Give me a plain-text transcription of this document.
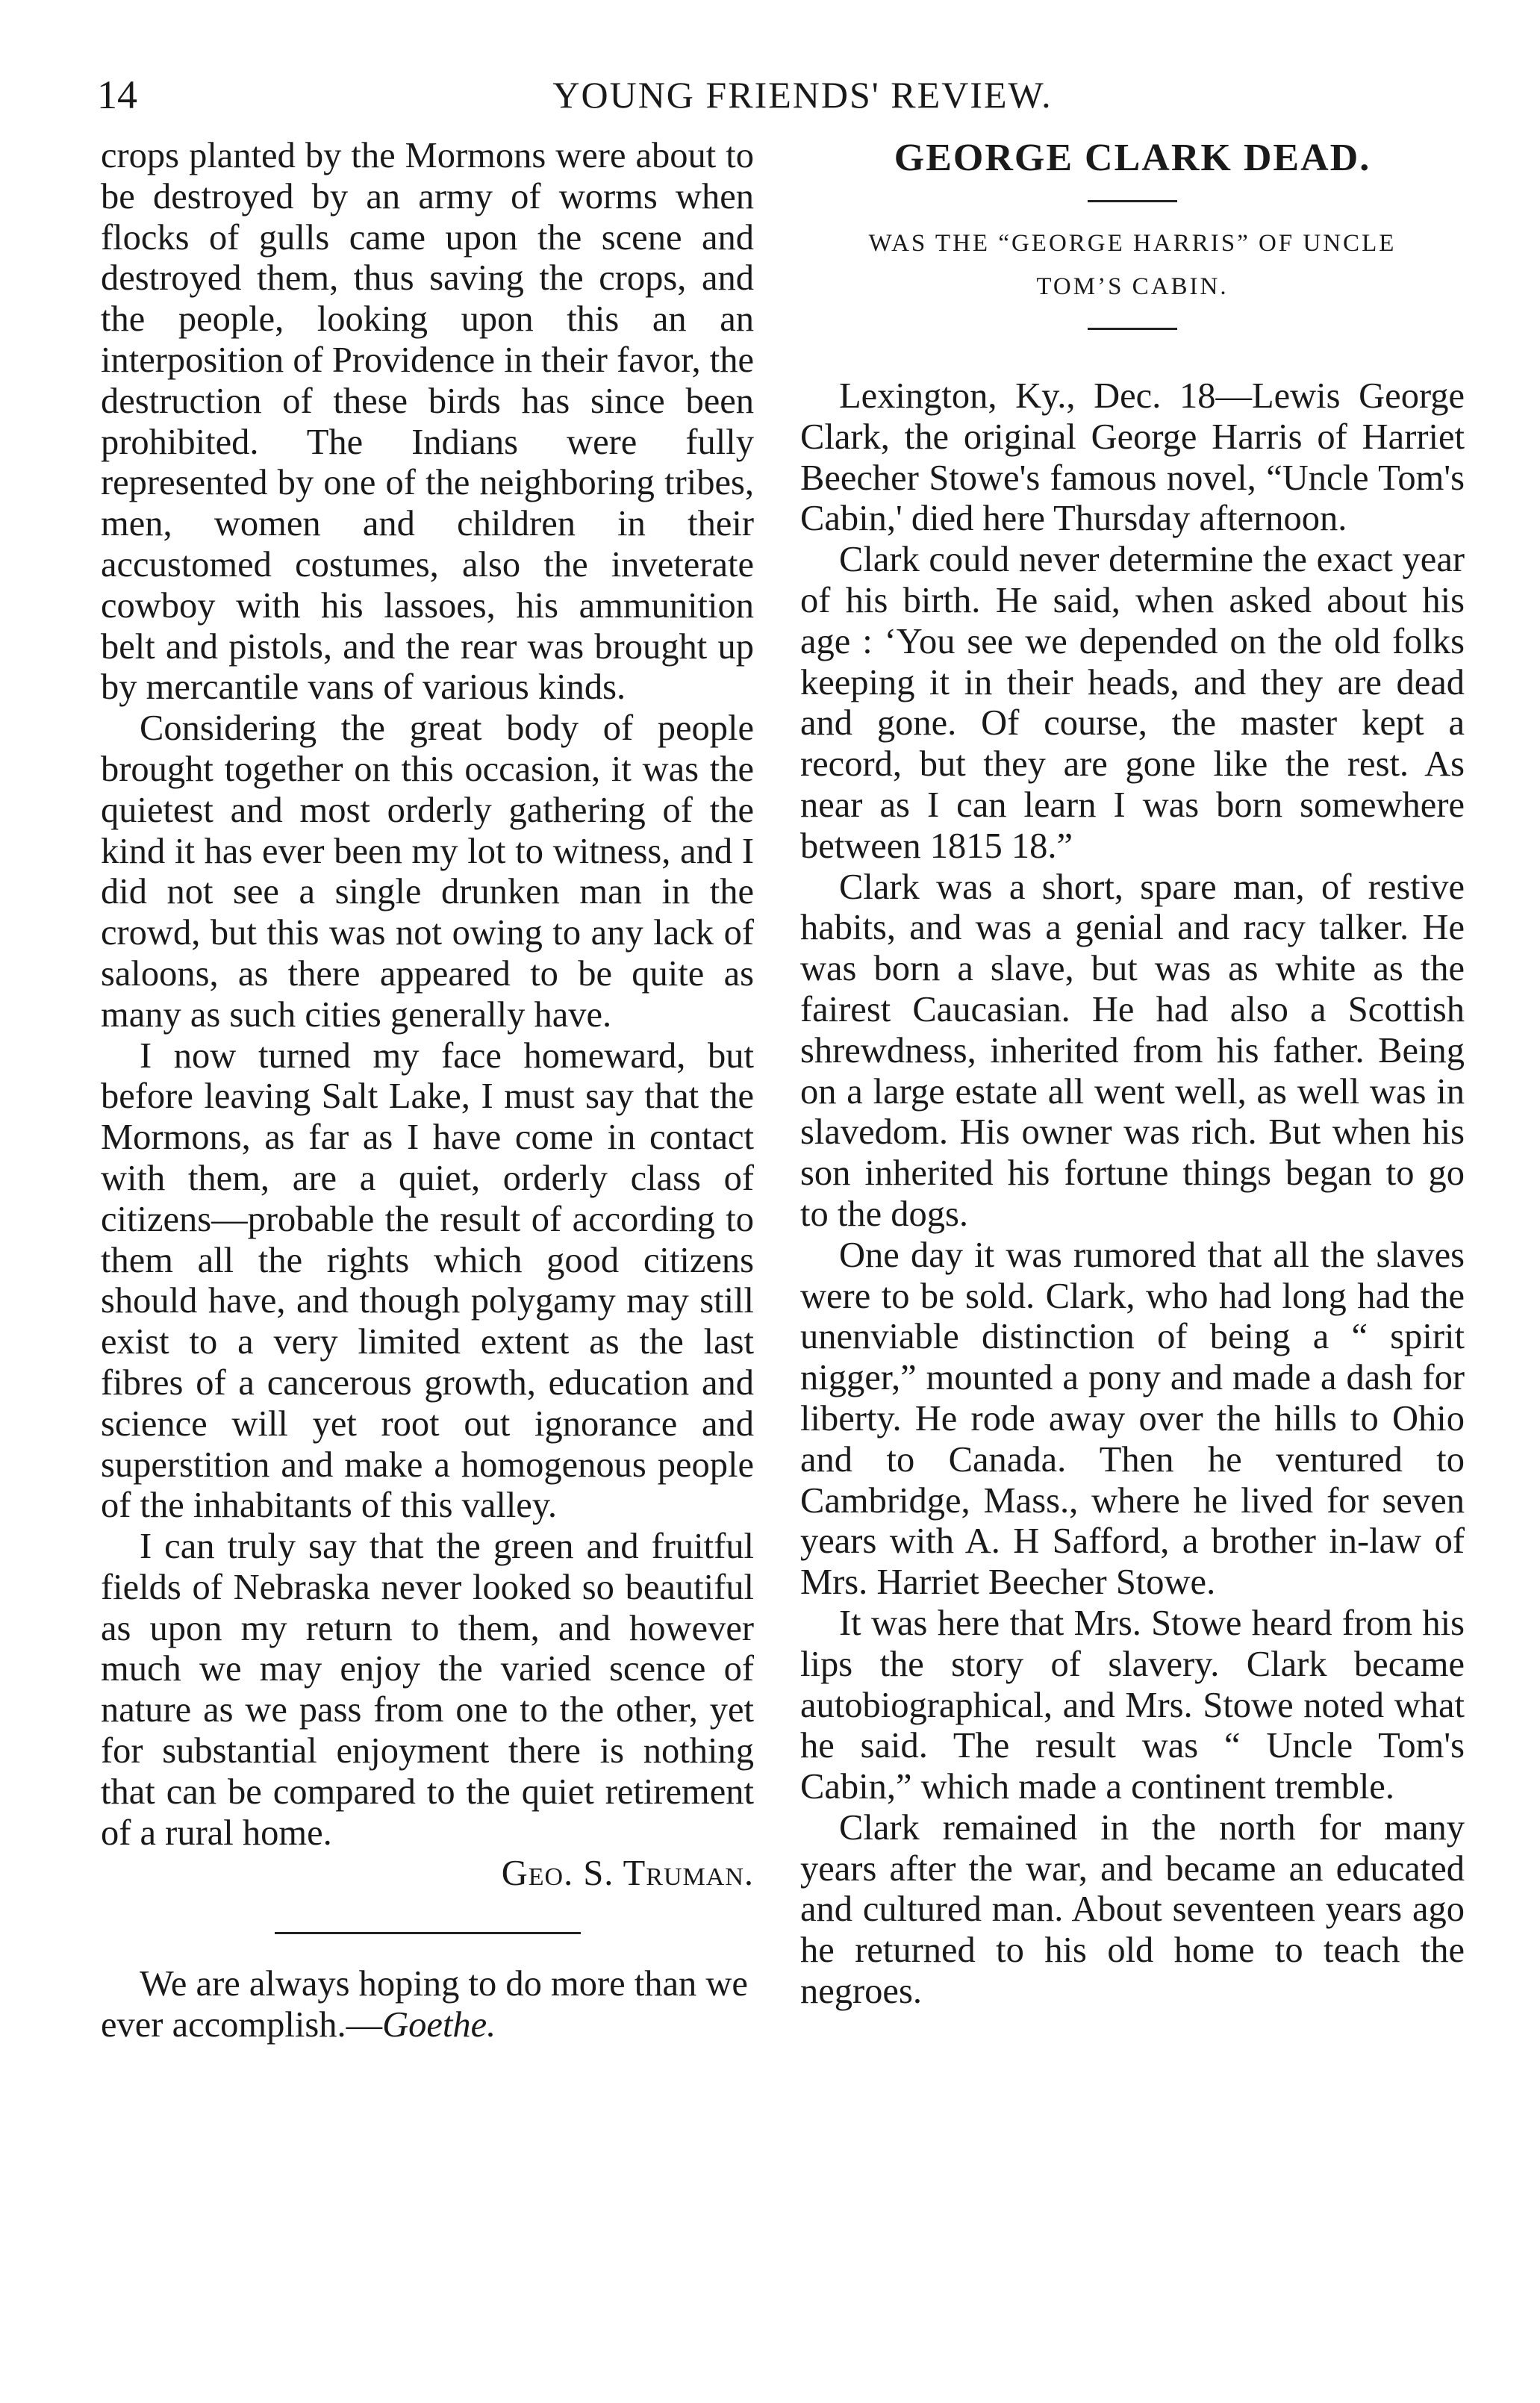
14	YOUNG FRIENDS' REVIEW.

crops planted by the Mormons were about to be destroyed by an army of worms when flocks of gulls came upon the scene and destroyed them, thus saving the crops, and the people, looking upon this an an interposition of Providence in their favor, the destruction of these birds has since been prohibited. The Indians were fully represented by one of the neighboring tribes, men, women and children in their accustomed costumes, also the inveterate cowboy with his lassoes, his ammunition belt and pistols, and the rear was brought up by mercantile vans of various kinds.

Considering the great body of people brought together on this occasion, it was the quietest and most orderly gathering of the kind it has ever been my lot to witness, and I did not see a single drunken man in the crowd, but this was not owing to any lack of saloons, as there appeared to be quite as many as such cities generally have.

I now turned my face homeward, but before leaving Salt Lake, I must say that the Mormons, as far as I have come in contact with them, are a quiet, orderly class of citizens—probable the result of according to them all the rights which good citizens should have, and though polygamy may still exist to a very limited extent as the last fibres of a cancerous growth, education and science will yet root out ignorance and superstition and make a homogenous people of the inhabitants of this valley.

I can truly say that the green and fruitful fields of Nebraska never looked so beautiful as upon my return to them, and however much we may enjoy the varied scence of nature as we pass from one to the other, yet for substantial enjoyment there is nothing that can be compared to the quiet retirement of a rural home.

Geo. S. Truman.

We are always hoping to do more than we ever accomplish.—Goethe.

GEORGE CLARK DEAD.
WAS THE “GEORGE HARRIS” OF UNCLE
TOM’S CABIN.

Lexington, Ky., Dec. 18—Lewis George Clark, the original George Harris of Harriet Beecher Stowe's famous novel, “Uncle Tom's Cabin,' died here Thursday afternoon.

Clark could never determine the exact year of his birth. He said, when asked about his age : ‘You see we depended on the old folks keeping it in their heads, and they are dead and gone. Of course, the master kept a record, but they are gone like the rest. As near as I can learn I was born somewhere between 1815 18.”

Clark was a short, spare man, of restive habits, and was a genial and racy talker. He was born a slave, but was as white as the fairest Caucasian. He had also a Scottish shrewdness, inherited from his father. Being on a large estate all went well, as well was in slavedom. His owner was rich. But when his son inherited his fortune things began to go to the dogs.

One day it was rumored that all the slaves were to be sold. Clark, who had long had the unenviable distinction of being a “ spirit nigger,” mounted a pony and made a dash for liberty. He rode away over the hills to Ohio and to Canada. Then he ventured to Cambridge, Mass., where he lived for seven years with A. H Safford, a brother in-law of Mrs. Harriet Beecher Stowe.

It was here that Mrs. Stowe heard from his lips the story of slavery. Clark became autobiographical, and Mrs. Stowe noted what he said. The result was “ Uncle Tom's Cabin,” which made a continent tremble.

Clark remained in the north for many years after the war, and became an educated and cultured man. About seventeen years ago he returned to his old home to teach the negroes.
